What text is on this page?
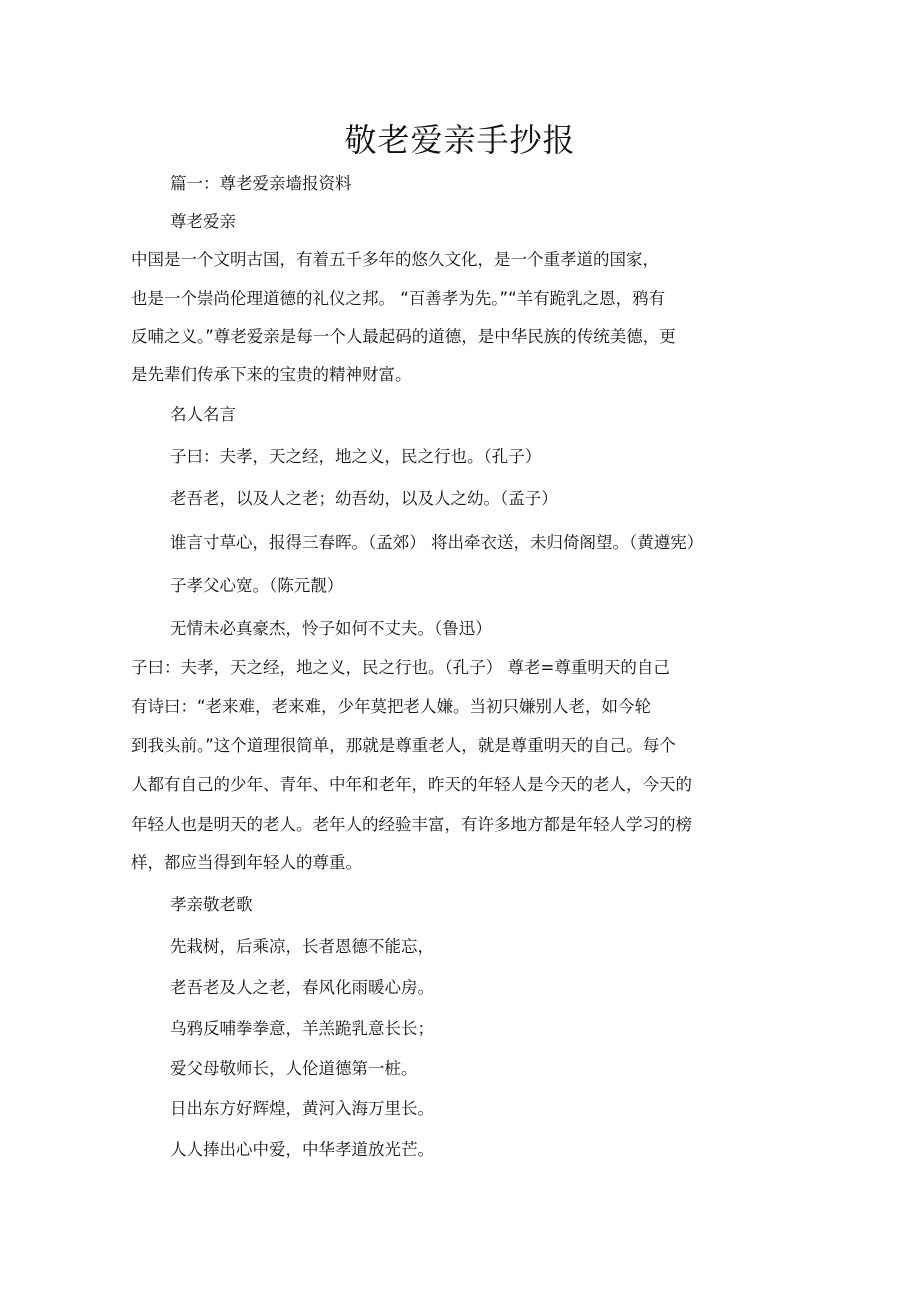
敬老爱亲手抄报

篇一：尊老爱亲墙报资料

尊老爱亲

中国是一个文明古国，有着五千多年的悠久文化，是一个重孝道的国家，

也是一个崇尚伦理道德的礼仪之邦。 “百善孝为先。”“羊有跪乳之恩，鸦有

反哺之义。”尊老爱亲是每一个人最起码的道德，是中华民族的传统美德，更

是先辈们传承下来的宝贵的精神财富。

名人名言

子曰：夫孝，天之经，地之义，民之行也。（孔子）

老吾老，以及人之老；幼吾幼，以及人之幼。（孟子）

谁言寸草心，报得三春晖。（孟郊） 将出牵衣送，未归倚阁望。（黄遵宪）

子孝父心宽。（陈元靓）

无情未必真豪杰，怜子如何不丈夫。（鲁迅）

子曰：夫孝，天之经，地之义，民之行也。（孔子） 尊老=尊重明天的自己

有诗曰：“老来难，老来难，少年莫把老人嫌。当初只嫌别人老，如今轮

到我头前。”这个道理很简单，那就是尊重老人，就是尊重明天的自己。每个

人都有自己的少年、青年、中年和老年，昨天的年轻人是今天的老人，今天的

年轻人也是明天的老人。老年人的经验丰富，有许多地方都是年轻人学习的榜

样，都应当得到年轻人的尊重。

孝亲敬老歌

先栽树，后乘凉，长者恩德不能忘，

老吾老及人之老，春风化雨暖心房。

乌鸦反哺拳拳意，羊羔跪乳意长长；

爱父母敬师长，人伦道德第一桩。

日出东方好辉煌，黄河入海万里长。

人人捧出心中爱，中华孝道放光芒。
